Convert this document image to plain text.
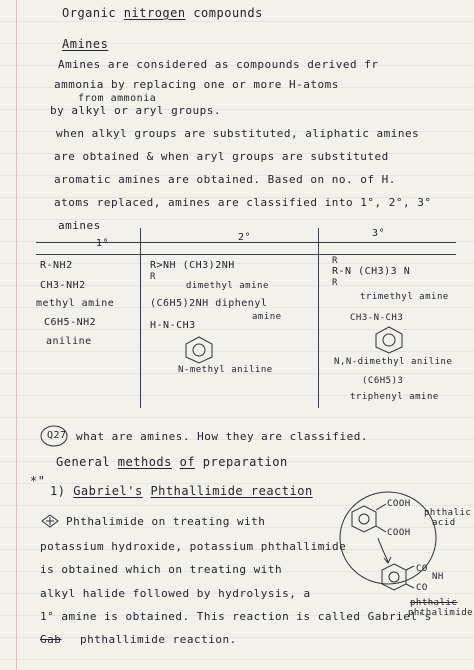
Organic nitrogen compounds
Amines
Amines are considered as compounds derived fr
ammonia by replacing one or more H-atoms
from ammonia
by alkyl or aryl groups.
when alkyl groups are substituted, aliphatic amines
are obtained & when aryl groups are substituted
aromatic amines are obtained. Based on no. of H.
atoms replaced, amines are classified into 1°, 2°, 3°
amines
1°
2°	3°
R-NH2
CH3-NH2
methyl amine
C6H5-NH2
aniline
R>NH (CH3)2NH
R
dimethyl amine
(C6H5)2NH diphenyl
amine
H-N-CH3
N-methyl aniline
R
R-N (CH3)3 N
R
trimethyl amine
CH3-N-CH3
N,N-dimethyl aniline
(C6H5)3
triphenyl amine
Q27 what are amines. How they are classified.
General methods of preparation
*"
1) Gabriel's Phthallimide reaction
Phthalimide on treating with
potassium hydroxide, potassium phthallimide
is obtained which on treating with
alkyl halide followed by hydrolysis, a
1° amine is obtained. This reaction is called Gabriel's
Gab phthallimide reaction.
COOH
COOH
phthalic
acid
CO
NH
CO
phthalic
phthalimide
